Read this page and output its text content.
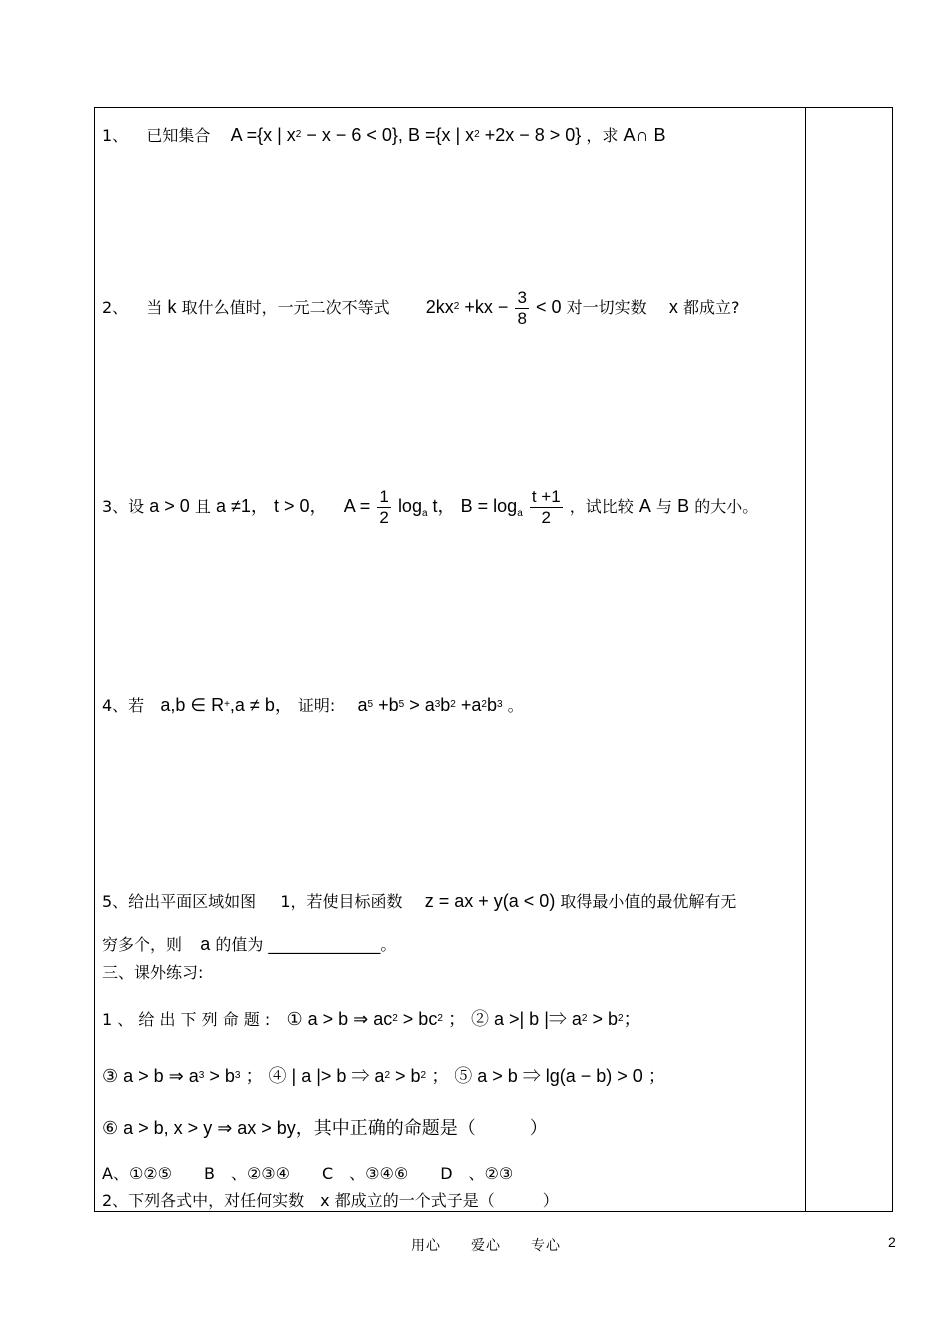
1、 已知集合 A ={x | $x^2 - x - 6 < 0$}, B ={x | $x^2 +2x - 8 > 0$} ，求 A∩ B
2、 当 k 取什么值时，一元二次不等式 $2kx^2 +kx - \frac{3}{8} < 0$ 对一切实数 x 都成立?
3、设 a > 0 且 a ≠1， t > 0， $A = \frac{1}{2} \log_a t$， $B = \log_a \frac{t +1}{2}$ ，试比较 A 与 B 的大小。
4、若 a,b ∈ R+,a ≠ b， 证明: $a^5 +b^5 > a^3b^2 +a^2b^3$ 。
5、给出平面区域如图 1，若使目标函数 z = ax + y(a < 0) 取得最小值的最优解有无
穷多个，则 a 的值为 ______________。
三、课外练习:
1 、 给 出 下 列 命 题 : ① a > b ⇒ $ac^2 > bc^2$ ； ② a >| b |⇒ $a^2 > b^2$；
③ a > b ⇒ $a^3 > b^3$ ； ④ | a |> b ⇒ $a^2 > b^2$ ； ⑤ a > b ⇒ lg(a − b) > 0 ；
⑥ a > b, x > y ⇒ ax > by，其中正确的命题是（　　　）
A、①②⑤　　B　、②③④　　C　、③④⑥　　D　、②③
2、下列各式中，对任何实数　x 都成立的一个式子是（　　　）
用心　　爱心　　专心	2
